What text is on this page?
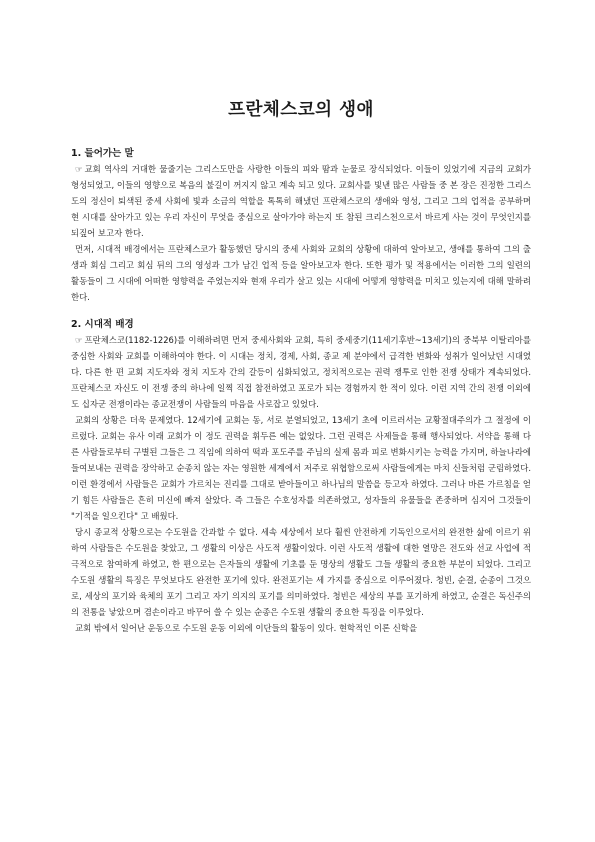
프란체스코의 생애
1. 들어가는 말

☞ 교회 역사의 거대한 물줄기는 그리스도만을 사랑한 이들의 피와 땀과 눈물로 장식되었다. 이들이 있었기에 지금의 교회가 형성되었고, 이들의 영향으로 복음의 불길이 꺼지지 않고 계속 되고 있다. 교회사를 빛낸 많은 사람들 중 본 장은 진정한 그리스도의 정신이 퇴색된 중세 사회에 빛과 소금의 역할을 톡톡히 해냈던 프란체스코의 생애와 영성, 그리고 그의 업적을 공부하며 현 시대를 살아가고 있는 우리 자신이 무엇을 중심으로 살아가야 하는지 또 참된 크리스천으로서 바르게 사는 것이 무엇인지를 되짚어 보고자 한다.

먼저, 시대적 배경에서는 프란체스코가 활동했던 당시의 중세 사회와 교회의 상황에 대하여 알아보고, 생애를 통하여 그의 출생과 회심 그리고 회심 뒤의 그의 영성과 그가 남긴 업적 등을 알아보고자 한다. 또한 평가 및 적용에서는 이러한 그의 일련의 활동들이 그 시대에 어떠한 영향력을 주었는지와 현재 우리가 살고 있는 시대에 어떻게 영향력을 미치고 있는지에 대해 말하려 한다.

2. 시대적 배경

☞ 프란체스코(1182-1226)를 이해하려면 먼저 중세사회와 교회, 특히 중세중기(11세기후반~13세기)의 중북부 이탈리아를 중심한 사회와 교회를 이해하여야 한다. 이 시대는 정치, 경제, 사회, 종교 제 분야에서 급격한 변화와 성취가 일어났던 시대였다. 다른 한 편 교회 지도자와 정치 지도자 간의 갈등이 심화되었고, 정치적으로는 권력 쟁투로 인한 전쟁 상태가 계속되었다. 프란체스코 자신도 이 전쟁 중의 하나에 일찍 직접 참전하였고 포로가 되는 경험까지 한 적이 있다. 이런 지역 간의 전쟁 이외에도 십자군 전쟁이라는 종교전쟁이 사람들의 마음을 사로잡고 있었다.

교회의 상황은 더욱 문제였다. 12세기에 교회는 동, 서로 분열되었고, 13세기 초에 이르러서는 교황절대주의가 그 절정에 이르렀다. 교회는 유사 이래 교회가 이 정도 권력을 휘두른 예는 없었다. 그런 권력은 사제들을 통해 행사되었다. 서약을 통해 다른 사람들로부터 구별된 그들은 그 직임에 의하여 떡과 포도주를 주님의 실제 몸과 피로 변화시키는 능력을 가지며, 하늘나라에 들여보내는 권력을 장악하고 순종치 않는 자는 영원한 세계에서 저주로 위협함으로써 사람들에게는 마치 신들처럼 군림하였다. 이런 환경에서 사람들은 교회가 가르치는 진리를 그대로 받아들이고 하나님의 말씀을 등고자 하였다. 그러나 바른 가르침을 얻기 힘든 사람들은 흔히 미신에 빠져 살았다. 즉 그들은 수호성자를 의존하였고, 성자들의 유물들을 존중하며 심지어 그것들이 "기적을 일으킨다" 고 배웠다.

당시 종교적 상황으로는 수도원을 간과할 수 없다. 세속 세상에서 보다 훨씬 안전하게 기독인으로서의 완전한 삶에 이르기 위하여 사람들은 수도원을 찾았고, 그 생활의 이상은 사도적 생활이었다. 이런 사도적 생활에 대한 열망은 전도와 선교 사업에 적극적으로 참여하게 하였고, 한 편으로는 은자들의 생활에 기초를 둔 명상의 생활도 그들 생활의 중요한 부분이 되었다. 그리고 수도원 생활의 특징은 무엇보다도 완전한 포기에 있다. 완전포기는 세 가지를 중심으로 이루어졌다. 청빈, 순결, 순종이 그것으로, 세상의 포기와 육체의 포기 그리고 자기 의지의 포기를 의미하였다. 청빈은 세상의 부를 포기하게 하였고, 순결은 독신주의의 전통을 낳았으며 겸손이라고 바꾸어 쓸 수 있는 순종은 수도원 생활의 중요한 특징을 이루었다.

교회 밖에서 일어난 운동으로 수도원 운동 이외에 이단들의 활동이 있다. 현학적인 이론 신학을
